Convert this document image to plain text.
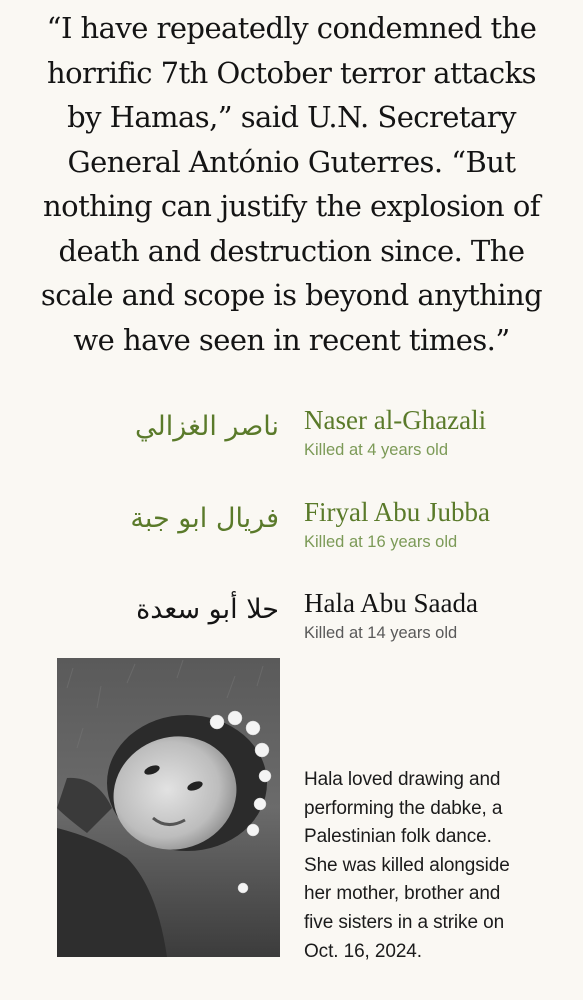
“I have repeatedly condemned the
horrific 7th October terror attacks
by Hamas,” said U.N. Secretary
General António Guterres. “But
nothing can justify the explosion of
death and destruction since. The
scale and scope is beyond anything
we have seen in recent times.”
ناصر الغزالي Naser al-Ghazali
Killed at 4 years old
فريال ابو جبة Firyal Abu Jubba
Killed at 16 years old
حلا أبو سعدة Hala Abu Saada
Killed at 14 years old
Hala loved drawing and
performing the dabke, a
Palestinian folk dance.
She was killed alongside
her mother, brother and
five sisters in a strike on
Oct. 16, 2024.
